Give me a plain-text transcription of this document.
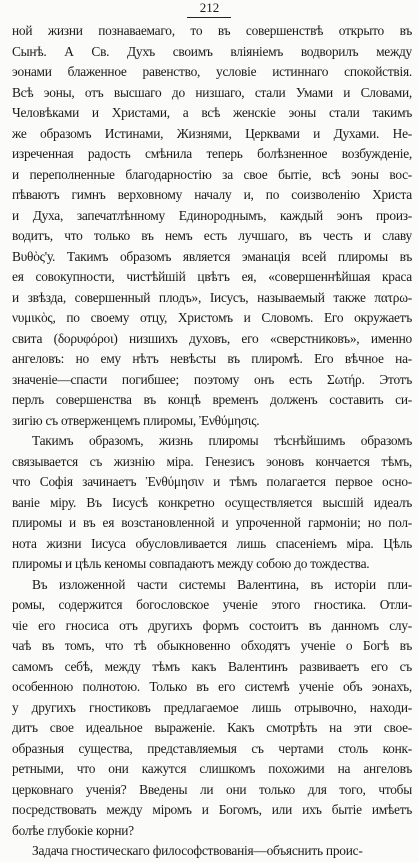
212
ной жизни познаваемаго, то въ совершенствѣ открыто въ
Сынѣ. А Св. Духъ своимъ вліяніемъ водворилъ между
эонами блаженное равенство, условіе истиннаго спокойствія.
Всѣ эоны, отъ высшаго до низшаго, стали Умами и Словами,
Человѣками и Христами, а всѣ женскіе эоны стали такимъ
же образомъ Истинами, Жизнями, Церквами и Духами. Не-
изреченная радость смѣнила теперь болѣзненное возбужденіе,
и переполненные благодарностію за свое бытіе, всѣ эоны вос-
пѣваютъ гимнъ верховному началу и, по соизволенію Христа
и Духа, запечатлѣнному Единороднымъ, каждый эонъ произ-
водитъ, что только въ немъ есть лучшаго, въ честь и славу
Βυθὸς'у. Такимъ образомъ является эманація всей плиромы въ
ея совокупности, чистѣйшій цвѣтъ ея, «совершеннѣйшая краса
и звѣзда, совершенный плодъ», Іисусъ, называемый также πατρω-
νυμικὸς, по своему отцу, Христомъ и Словомъ. Его окружаетъ
свита (δορυφόροι) низшихъ духовъ, его «сверстниковъ», именно
ангеловъ: но ему нѣтъ невѣсты въ плиромѣ. Его вѣчное на-
значеніе—спасти погибшее; поэтому онъ есть Σωτήρ. Этотъ
перлъ совершенства въ концѣ временъ долженъ составить си-
зигію съ отверженцемъ плиромы, Ἐνθύμησις.
Такимъ образомъ, жизнь плиромы тѣснѣйшимъ образомъ
связывается съ жизнію міра. Генезисъ эоновъ кончается тѣмъ,
что Софія зачинаетъ Ἐνθύμησιν и тѣмъ полагается первое осно-
ваніе міру. Въ Іисусѣ конкретно осуществляется высшій идеалъ
плиромы и въ ея возстановленной и упроченной гармоніи; но пол-
нота жизни Іисуса обусловливается лишь спасеніемъ міра. Цѣль
плиромы и цѣль кеномы совпадаютъ между собою до тождества.
Въ изложенной части системы Валентина, въ исторіи пли-
ромы, содержится богословское ученіе этого гностика. Отли-
чіе его гносиса отъ другихъ формъ состоитъ въ данномъ слу-
чаѣ въ томъ, что тѣ обыкновенно обходятъ ученіе о Богѣ въ
самомъ себѣ, между тѣмъ какъ Валентинъ развиваетъ его съ
особенною полнотою. Только въ его системѣ ученіе объ эонахъ,
у другихъ гностиковъ предлагаемое лишь отрывочно, находи-
дитъ свое идеальное выраженіе. Какъ смотрѣть на эти свое-
образныя существа, представляемыя съ чертами столь конк-
ретными, что они кажутся слишкомъ похожими на ангеловъ
церковнаго ученія? Введены ли они только для того, чтобы
посредствовать между міромъ и Богомъ, или ихъ бытіе имѣетъ
болѣе глубокіе корни?
Задача гностическаго философствованія—объяснить проис-
